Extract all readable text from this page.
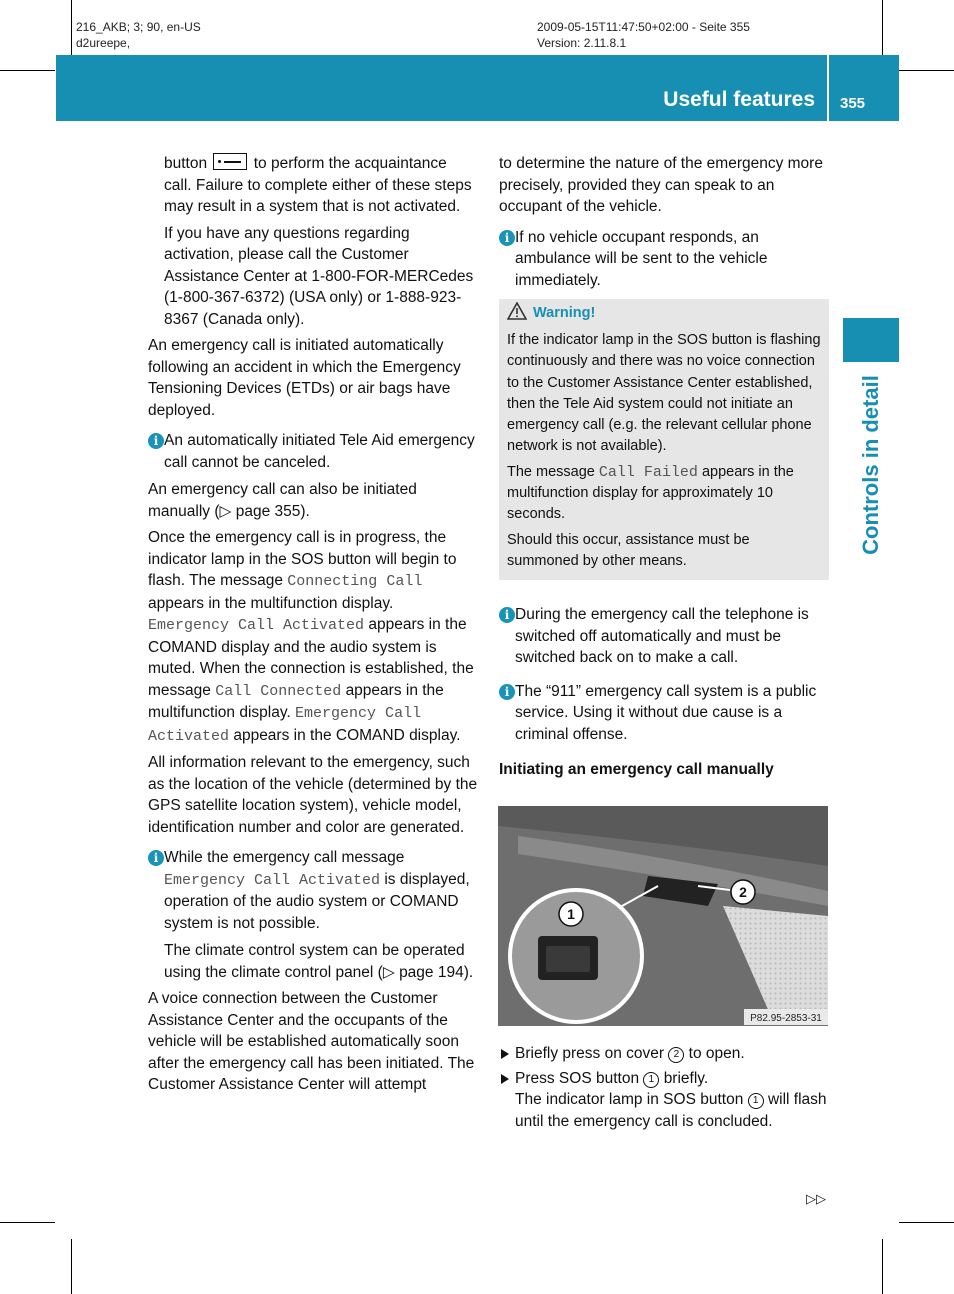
216_AKB; 3; 90, en-US
d2ureepe,
2009-05-15T11:47:50+02:00 - Seite 355
Version: 2.11.8.1
Useful features 355
Controls in detail

button	to perform the acquaintance call. Failure to complete either of these steps may result in a system that is not activated.

If you have any questions regarding activation, please call the Customer Assistance Center at 1-800-FOR-MERCedes (1-800-367-6372) (USA only) or 1-888-923-8367 (Canada only).

An emergency call is initiated automatically following an accident in which the Emergency Tensioning Devices (ETDs) or air bags have deployed.

i An automatically initiated Tele Aid emergency call cannot be canceled.

An emergency call can also be initiated manually (▷ page 355).

Once the emergency call is in progress, the indicator lamp in the SOS button will begin to flash. The message Connecting Call appears in the multifunction display. Emergency Call Activated appears in the COMAND display and the audio system is muted. When the connection is established, the message Call Connected appears in the multifunction display. Emergency Call Activated appears in the COMAND display.

All information relevant to the emergency, such as the location of the vehicle (determined by the GPS satellite location system), vehicle model, identification number and color are generated.

i While the emergency call message Emergency Call Activated is displayed, operation of the audio system or COMAND system is not possible.

The climate control system can be operated using the climate control panel (▷ page 194).

A voice connection between the Customer Assistance Center and the occupants of the vehicle will be established automatically soon after the emergency call has been initiated. The Customer Assistance Center will attempt

to determine the nature of the emergency more precisely, provided they can speak to an occupant of the vehicle.

i If no vehicle occupant responds, an ambulance will be sent to the vehicle immediately.

Warning!

If the indicator lamp in the SOS button is flashing continuously and there was no voice connection to the Customer Assistance Center established, then the Tele Aid system could not initiate an emergency call (e.g. the relevant cellular phone network is not available).

The message Call Failed appears in the multifunction display for approximately 10 seconds.

Should this occur, assistance must be summoned by other means.

i During the emergency call the telephone is switched off automatically and must be switched back on to make a call.

i The “911” emergency call system is a public service. Using it without due cause is a criminal offense.

Initiating an emergency call manually

1
2
P82.95-2853-31

Briefly press on cover 2 to open.

Press SOS button 1 briefly.
The indicator lamp in SOS button 1 will flash until the emergency call is concluded.

▷▷
